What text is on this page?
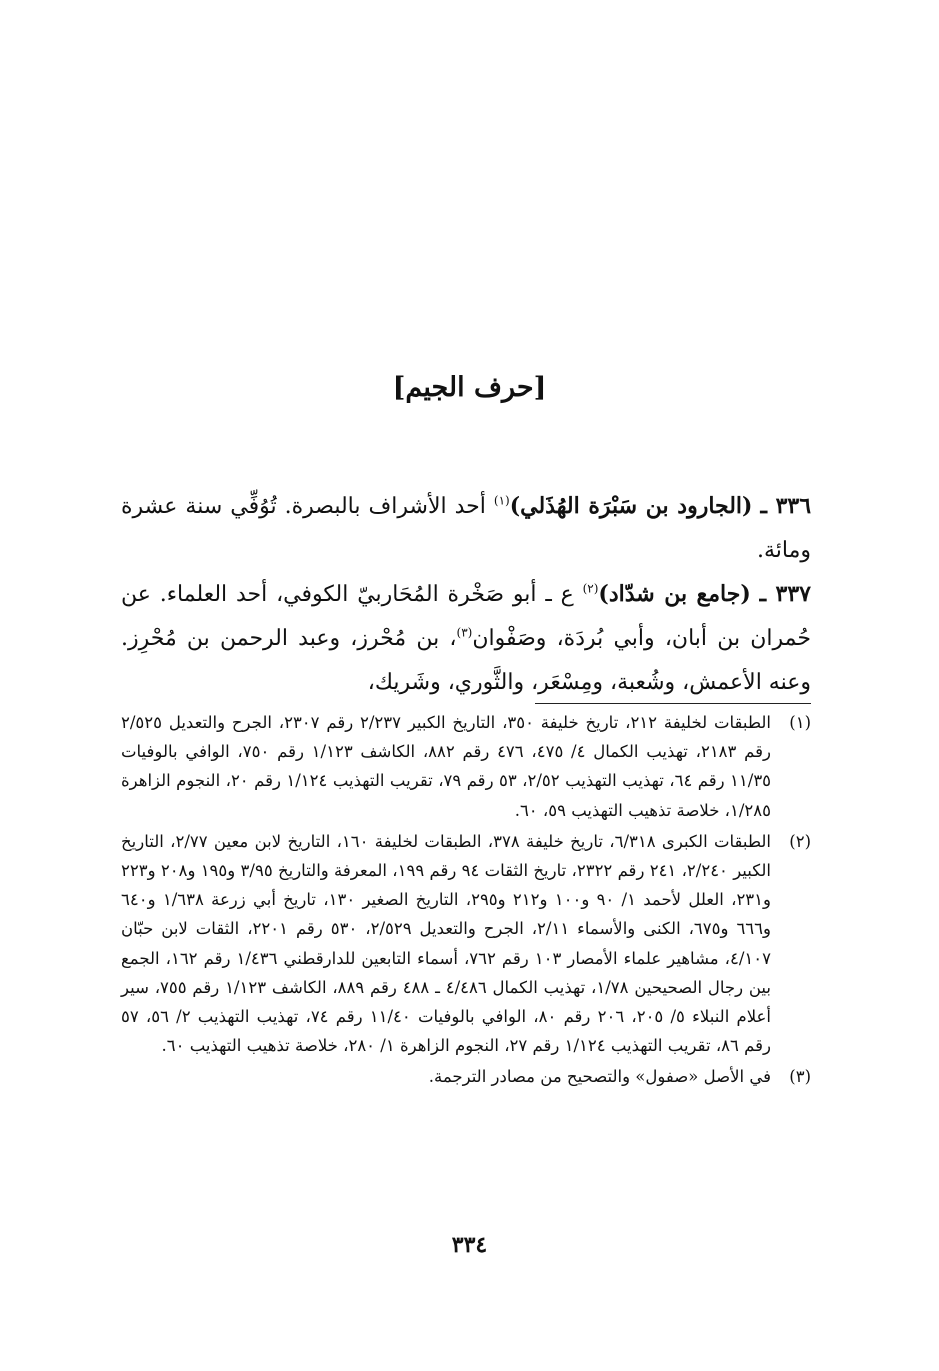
[حرف الجيم]
٣٣٦ ـ (الجارود بن سَبْرَة الهُذَلي)$^{(١)}$ أحد الأشراف بالبصرة. تُوُفِّي سنة عشرة ومائة.
٣٣٧ ـ (جامع بن شدّاد)$^{(٢)}$ ع ـ أبو صَخْرة المُحَاربيّ الكوفي، أحد العلماء. عن حُمران بن أبان، وأبي بُردَة، وصَفْوان$^{(٣)}$، بن مُحْرز، وعبد الرحمن بن مُحْرِز. وعنه الأعمش، وشُعبة، ومِسْعَر، والثَّوري، وشَريك،
(١)
الطبقات لخليفة ٢١٢، تاريخ خليفة ٣٥٠، التاريخ الكبير ٢/٢٣٧ رقم ٢٣٠٧، الجرح والتعديل ٢/٥٢٥ رقم ٢١٨٣، تهذيب الكمال ٤/ ٤٧٥، ٤٧٦ رقم ٨٨٢، الكاشف ١/١٢٣ رقم ٧٥٠، الوافي بالوفيات ١١/٣٥ رقم ٦٤، تهذيب التهذيب ٢/٥٢، ٥٣ رقم ٧٩، تقريب التهذيب ١/١٢٤ رقم ٢٠، النجوم الزاهرة ١/٢٨٥، خلاصة تذهيب التهذيب ٥٩، ٦٠.
(٢)
الطبقات الكبرى ٦/٣١٨، تاريخ خليفة ٣٧٨، الطبقات لخليفة ١٦٠، التاريخ لابن معين ٢/٧٧، التاريخ الكبير ٢/٢٤٠، ٢٤١ رقم ٢٣٢٢، تاريخ الثقات ٩٤ رقم ١٩٩، المعرفة والتاريخ ٣/٩٥ و١٩٥ و٢٠٨ و٢٢٣ و٢٣١، العلل لأحمد ١/ ٩٠ و١٠٠ و٢١٢ و٢٩٥، التاريخ الصغير ١٣٠، تاريخ أبي زرعة ١/٦٣٨ و٦٤٠ و٦٦٦ و٦٧٥، الكنى والأسماء ٢/١١، الجرح والتعديل ٢/٥٢٩، ٥٣٠ رقم ٢٢٠١، الثقات لابن حبّان ٤/١٠٧، مشاهير علماء الأمصار ١٠٣ رقم ٧٦٢، أسماء التابعين للدارقطني ١/٤٣٦ رقم ١٦٢، الجمع بين رجال الصحيحين ١/٧٨، تهذيب الكمال ٤/٤٨٦ ـ ٤٨٨ رقم ٨٨٩، الكاشف ١/١٢٣ رقم ٧٥٥، سير أعلام النبلاء ٥/ ٢٠٥، ٢٠٦ رقم ٨٠، الوافي بالوفيات ١١/٤٠ رقم ٧٤، تهذيب التهذيب ٢/ ٥٦، ٥٧ رقم ٨٦، تقريب التهذيب ١/١٢٤ رقم ٢٧، النجوم الزاهرة ١/ ٢٨٠، خلاصة تذهيب التهذيب ٦٠.
(٣)
في الأصل «صفول» والتصحيح من مصادر الترجمة.
٣٣٤
